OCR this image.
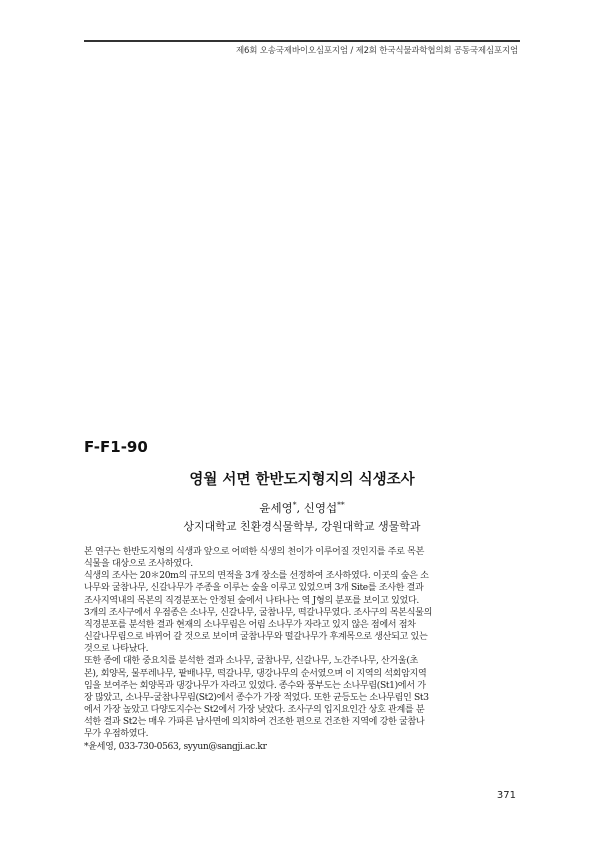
제6회 오송국제바이오심포지엄 / 제2회 한국식물과학협의회 공동국제심포지엄
F-F1-90
영월 서면 한반도지형지의 식생조사
윤세영*, 신영섭**
상지대학교 친환경식물학부, 강원대학교 생물학과
본 연구는 한반도지형의 식생과 앞으로 어떠한 식생의 천이가 이루어질 것인지를 주로 목본
식물을 대상으로 조사하였다.
식생의 조사는 20＊20m의 규모의 면적을 3개 장소를 선정하여 조사하였다. 이곳의 숲은 소
나무와 굴참나무, 신갈나무가 주종을 이루는 숲을 이루고 있었으며 3개 Site를 조사한 결과
조사지역내의 목본의 직경분포는 안정된 숲에서 나타나는 역 J형의 분포를 보이고 있었다.
3개의 조사구에서 우점종은 소나무, 신갈나무, 굴참나무, 떡갈나무였다. 조사구의 목본식물의
직경분포를 분석한 결과 현재의 소나무림은 어림 소나무가 자라고 있지 않은 점에서 점차
신갈나무림으로 바뀌어 갈 것으로 보이며 굴참나무와 떨갈나무가 후계목으로 생산되고 있는
것으로 나타났다.
또한 종에 대한 중요치를 분석한 결과 소나무, 굴참나무, 신갈나무, 노간주나무, 산거울(초
본), 회양목, 물푸레나무, 팥배나무, 떡갈나무, 댕강나무의 순서였으며 이 지역의 석회암지역
임을 보여주는 회양목과 댕강나무가 자라고 있었다. 종수와 풍부도는 소나무림(St1)에서 가
장 많았고, 소나무-굴참나무림(St2)에서 종수가 가장 적었다. 또한 균등도는 소나무림인 St3
에서 가장 높았고 다양도지수는 St2에서 가장 낮았다. 조사구의 입지요인간 상호 관계를 분
석한 결과 St2는 매우 가파른 남사면에 의치하여 건조한 편으로 건조한 지역에 강한 굴참나
무가 우점하였다.
*윤세영, 033-730-0563, syyun@sangji.ac.kr
371
